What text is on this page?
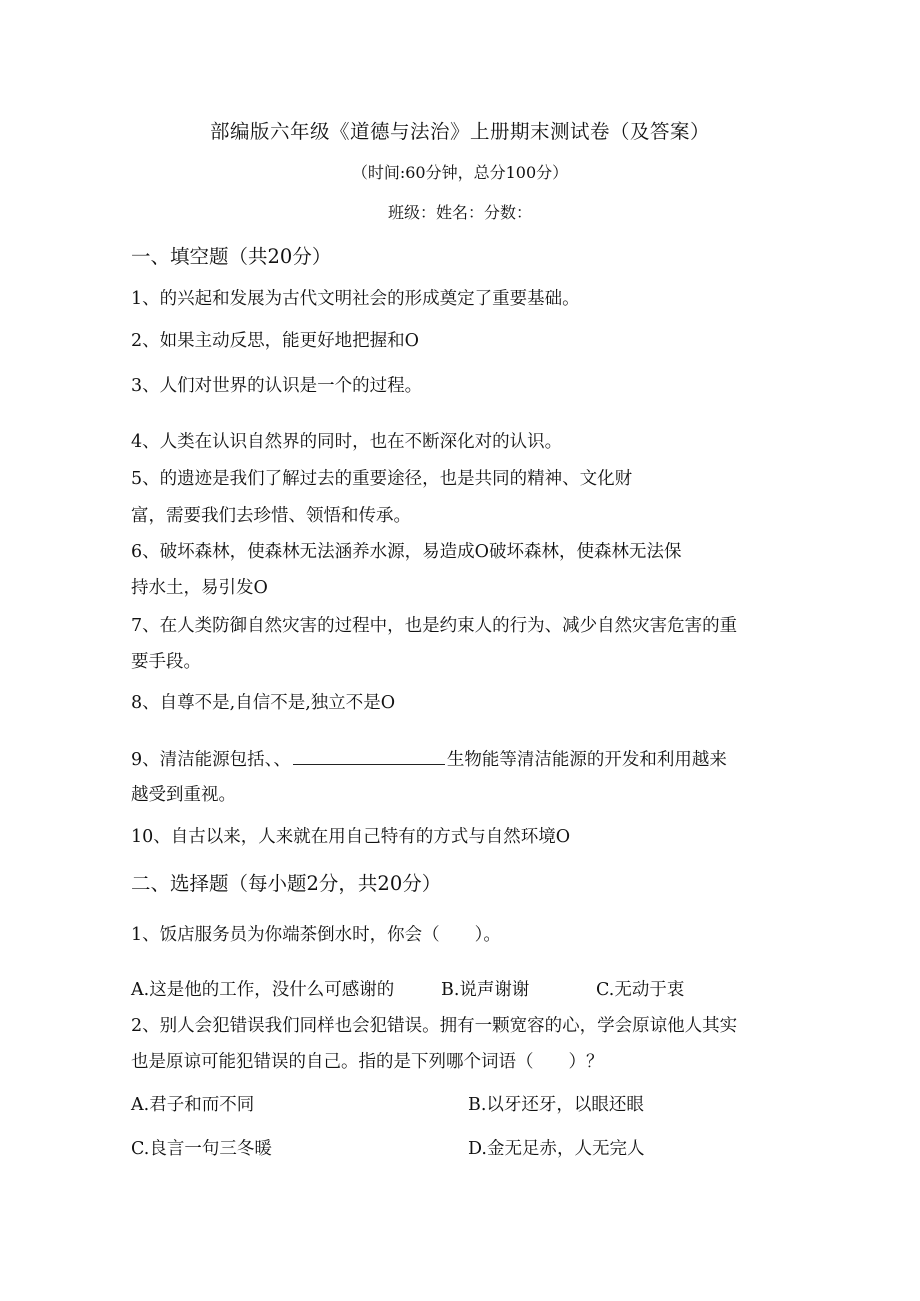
部编版六年级《道德与法治》上册期末测试卷（及答案）
（时间:60分钟，总分100分）
班级：姓名：分数：
一、填空题（共20分）
1、的兴起和发展为古代文明社会的形成奠定了重要基础。
2、如果主动反思，能更好地把握和O
3、人们对世界的认识是一个的过程。
4、人类在认识自然界的同时，也在不断深化对的认识。
5、的遗迹是我们了解过去的重要途径，也是共同的精神、文化财
富，需要我们去珍惜、领悟和传承。
6、破坏森林，使森林无法涵养水源，易造成O破坏森林，使森林无法保
持水土，易引发O
7、在人类防御自然灾害的过程中，也是约束人的行为、减少自然灾害危害的重
要手段。
8、自尊不是,自信不是,独立不是O
9、清洁能源包括、、	生物能等清洁能源的开发和利用越来
越受到重视。
10、自古以来，人来就在用自己特有的方式与自然环境O
二、选择题（每小题2分，共20分）
1、饭店服务员为你端茶倒水时，你会（　　）。
A.这是他的工作，没什么可感谢的	B.说声谢谢	C.无动于衷
2、别人会犯错误我们同样也会犯错误。拥有一颗宽容的心，学会原谅他人其实
也是原谅可能犯错误的自己。指的是下列哪个词语（　　）？
A.君子和而不同	B.以牙还牙，以眼还眼
C.良言一句三冬暖	D.金无足赤，人无完人
